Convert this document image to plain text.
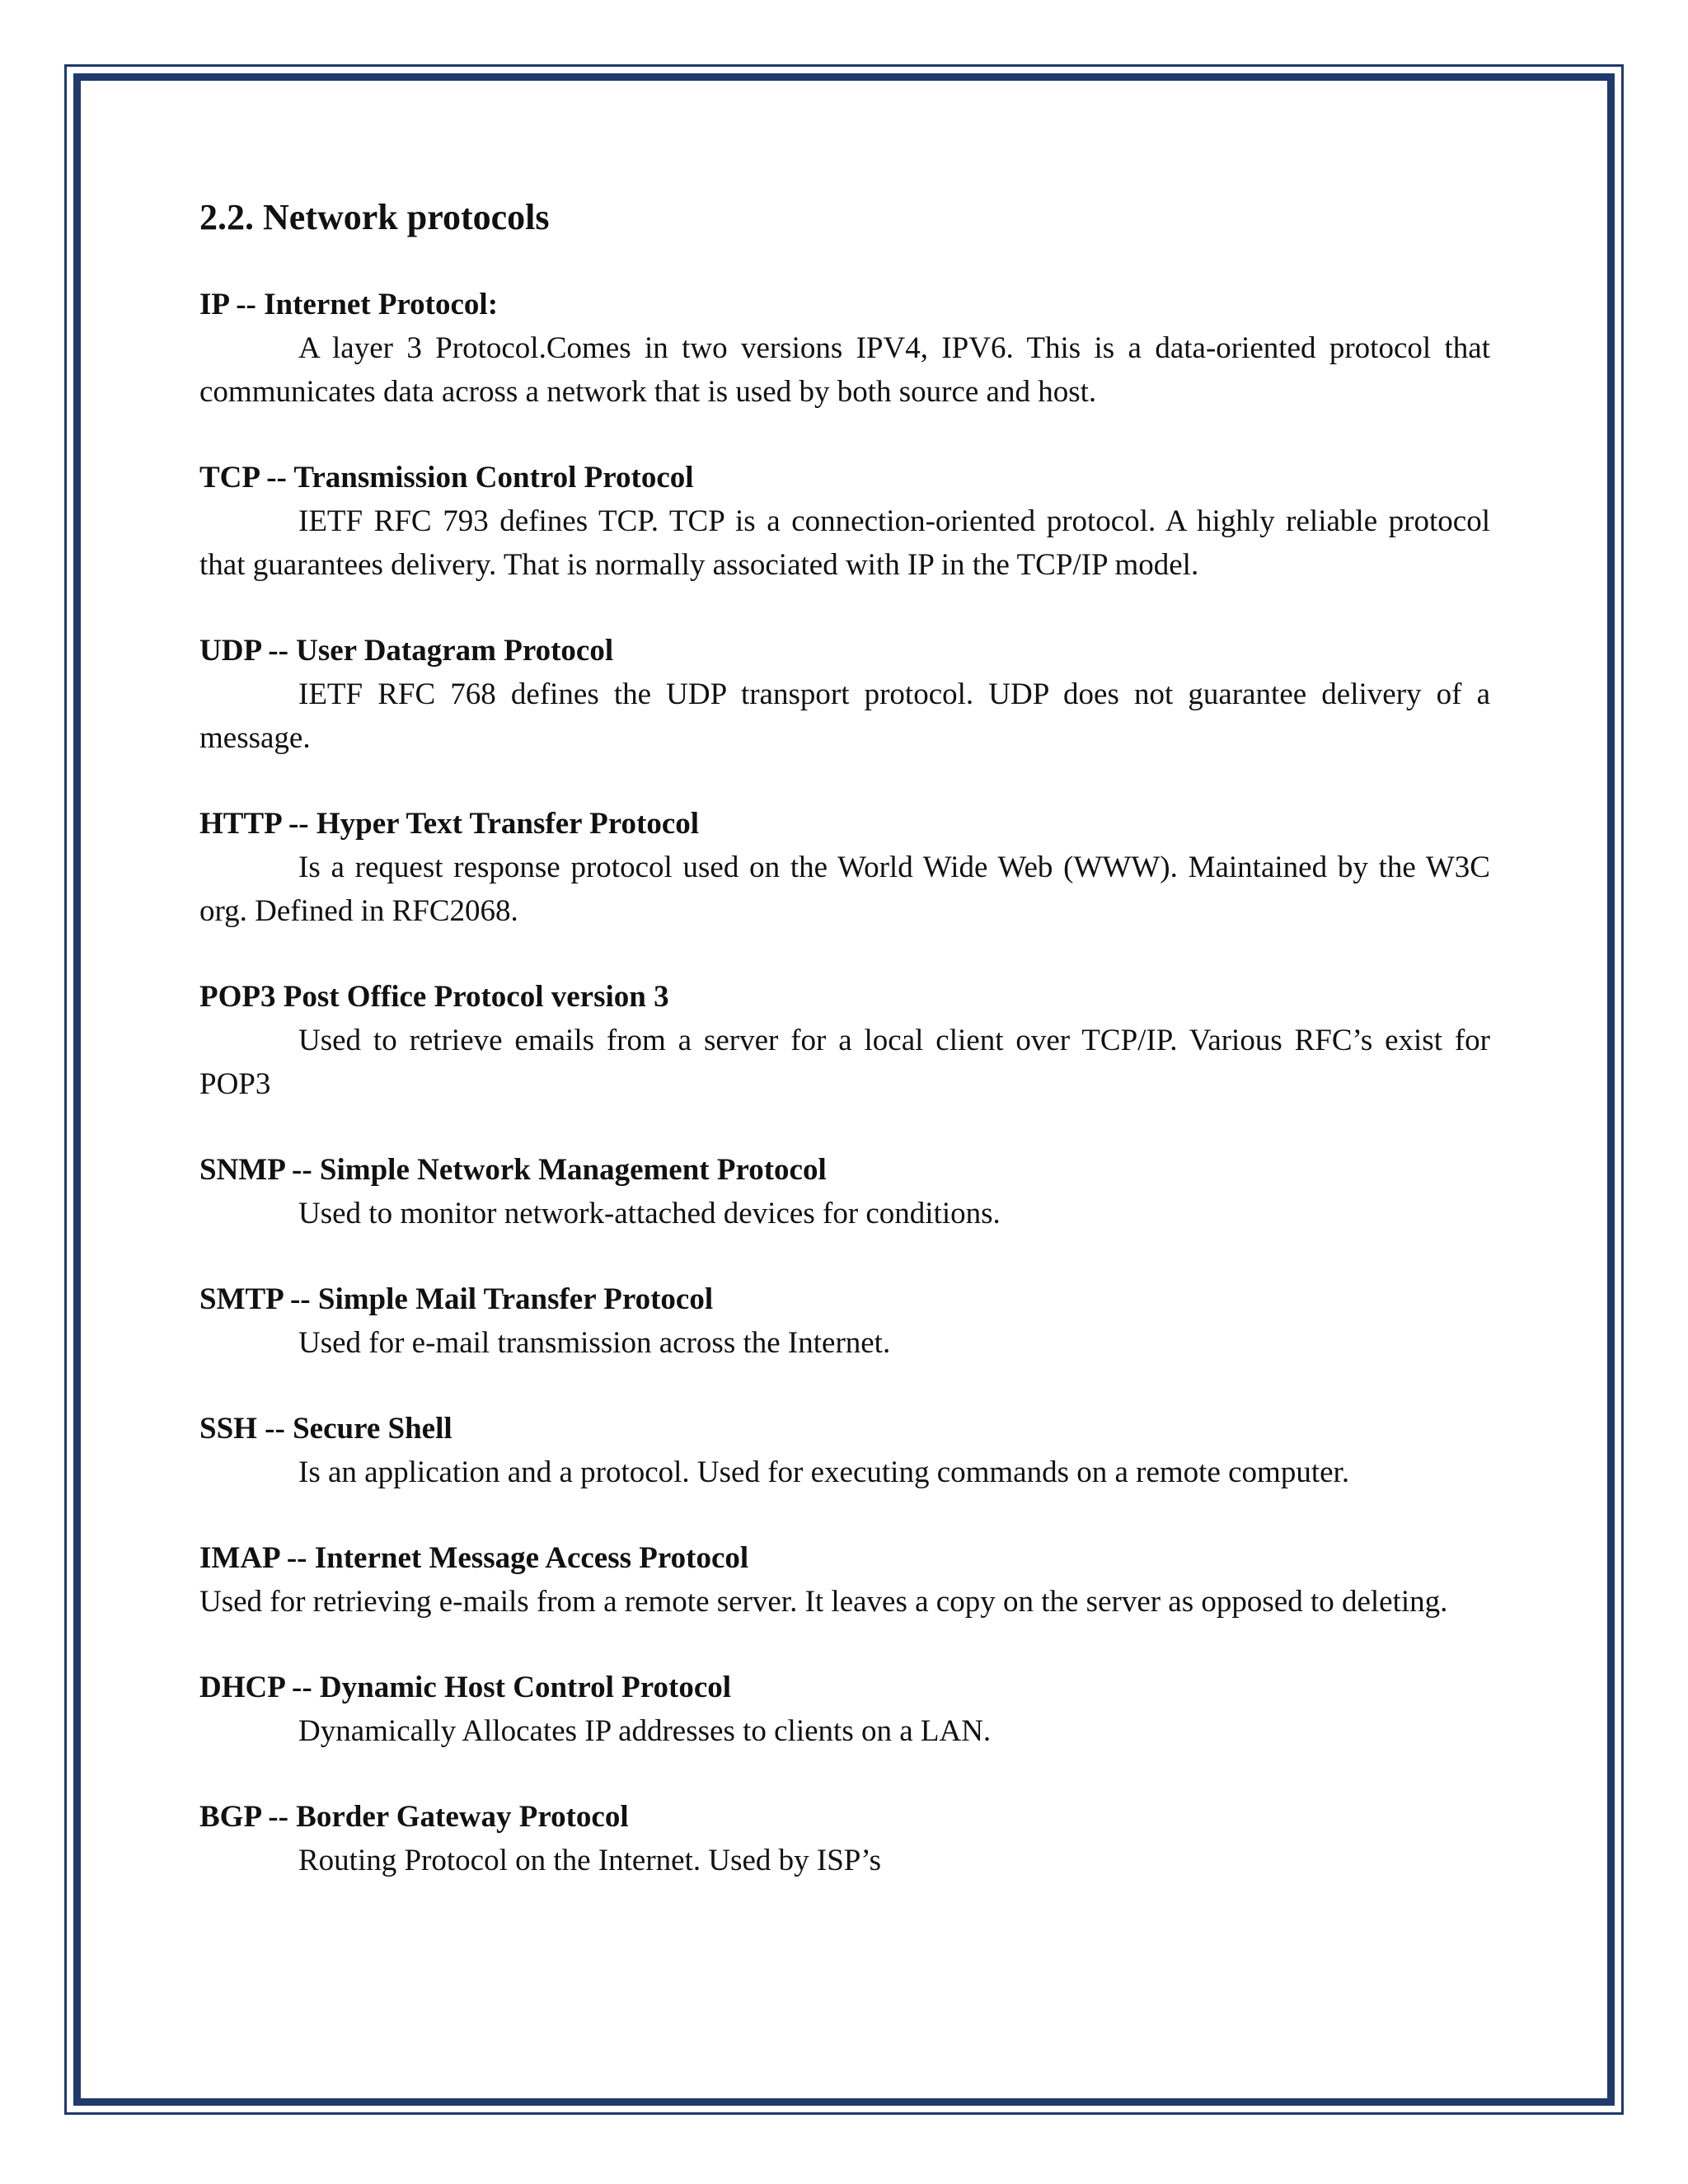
2.2. Network protocols

IP -- Internet Protocol:

A layer 3 Protocol.Comes in two versions IPV4, IPV6. This is a data-oriented protocol that communicates data across a network that is used by both source and host.

TCP -- Transmission Control Protocol

IETF RFC 793 defines TCP. TCP is a connection-oriented protocol. A highly reliable protocol that guarantees delivery. That is normally associated with IP in the TCP/IP model.

UDP -- User Datagram Protocol

IETF RFC 768 defines the UDP transport protocol. UDP does not guarantee delivery of a message.

HTTP -- Hyper Text Transfer Protocol

Is a request response protocol used on the World Wide Web (WWW). Maintained by the W3C org. Defined in RFC2068.

POP3 Post Office Protocol version 3

Used to retrieve emails from a server for a local client over TCP/IP. Various RFC’s exist for POP3

SNMP -- Simple Network Management Protocol

Used to monitor network-attached devices for conditions.

SMTP -- Simple Mail Transfer Protocol

Used for e-mail transmission across the Internet.

SSH -- Secure Shell

Is an application and a protocol. Used for executing commands on a remote computer.

IMAP -- Internet Message Access Protocol

Used for retrieving e-mails from a remote server. It leaves a copy on the server as opposed to deleting.

DHCP -- Dynamic Host Control Protocol

Dynamically Allocates IP addresses to clients on a LAN.

BGP -- Border Gateway Protocol

Routing Protocol on the Internet. Used by ISP’s
